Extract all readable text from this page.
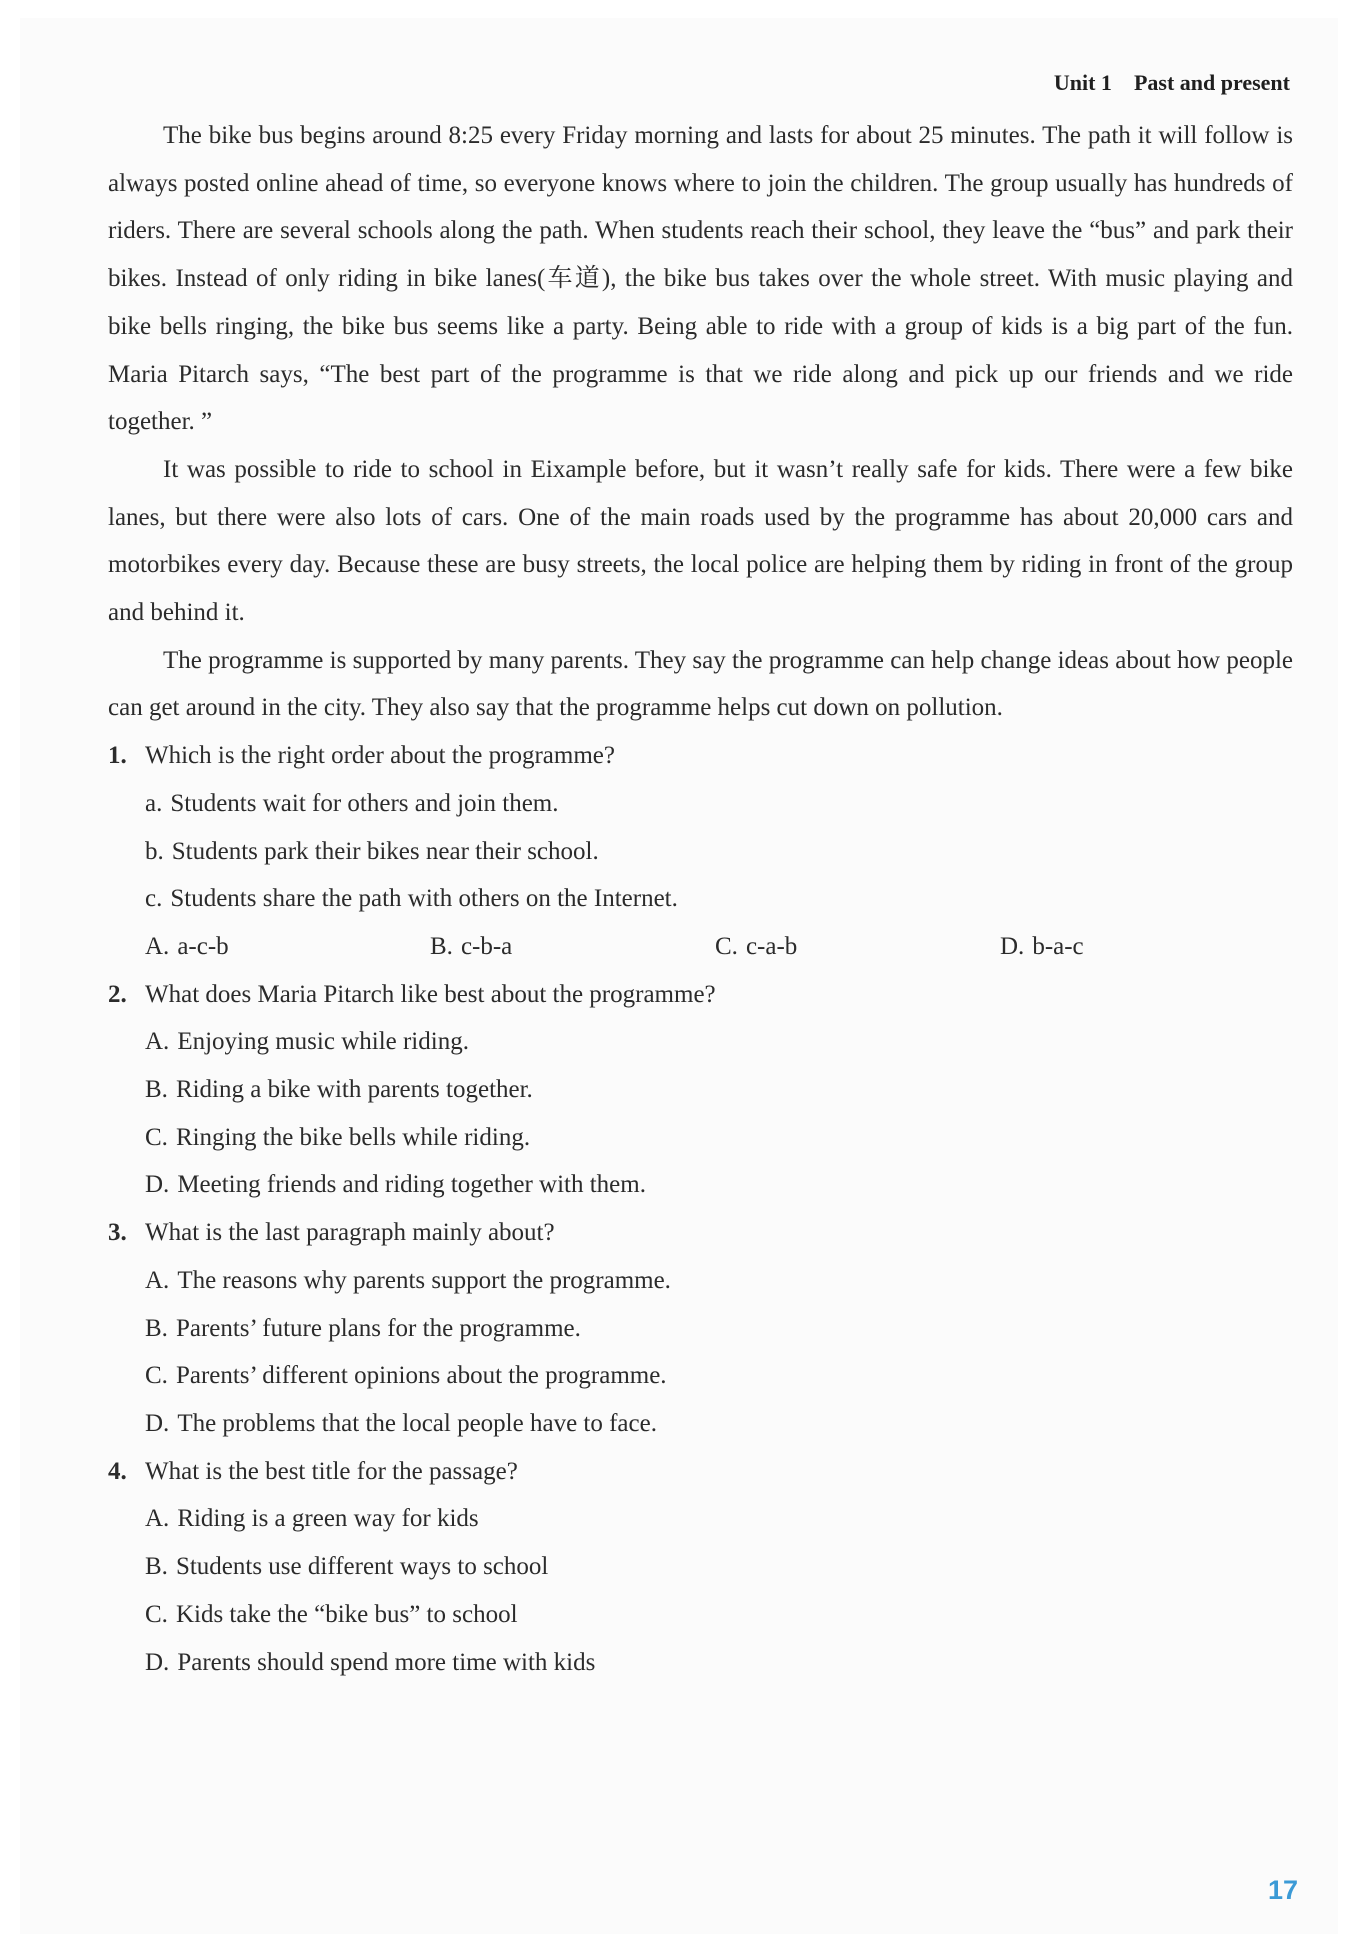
Unit 1 Past and present

The bike bus begins around 8:25 every Friday morning and lasts for about 25 minutes. The path it will follow is always posted online ahead of time, so everyone knows where to join the children. The group usually has hundreds of riders. There are several schools along the path. When students reach their school, they leave the “bus” and park their bikes. Instead of only riding in bike lanes(车道), the bike bus takes over the whole street. With music playing and bike bells ringing, the bike bus seems like a party. Being able to ride with a group of kids is a big part of the fun. Maria Pitarch says, “The best part of the programme is that we ride along and pick up our friends and we ride together. ”

It was possible to ride to school in Eixample before, but it wasn’t really safe for kids. There were a few bike lanes, but there were also lots of cars. One of the main roads used by the programme has about 20,000 cars and motorbikes every day. Because these are busy streets, the local police are helping them by riding in front of the group and behind it.

The programme is supported by many parents. They say the programme can help change ideas about how people can get around in the city. They also say that the programme helps cut down on pollution.

1. Which is the right order about the programme?

a. Students wait for others and join them.

b. Students park their bikes near their school.

c. Students share the path with others on the Internet.

A. a-c-b	B. c-b-a	C. c-a-b	D. b-a-c

2. What does Maria Pitarch like best about the programme?

A. Enjoying music while riding.

B. Riding a bike with parents together.

C. Ringing the bike bells while riding.

D. Meeting friends and riding together with them.

3. What is the last paragraph mainly about?

A. The reasons why parents support the programme.

B. Parents’ future plans for the programme.

C. Parents’ different opinions about the programme.

D. The problems that the local people have to face.

4. What is the best title for the passage?

A. Riding is a green way for kids

B. Students use different ways to school

C. Kids take the “bike bus” to school

D. Parents should spend more time with kids

17
